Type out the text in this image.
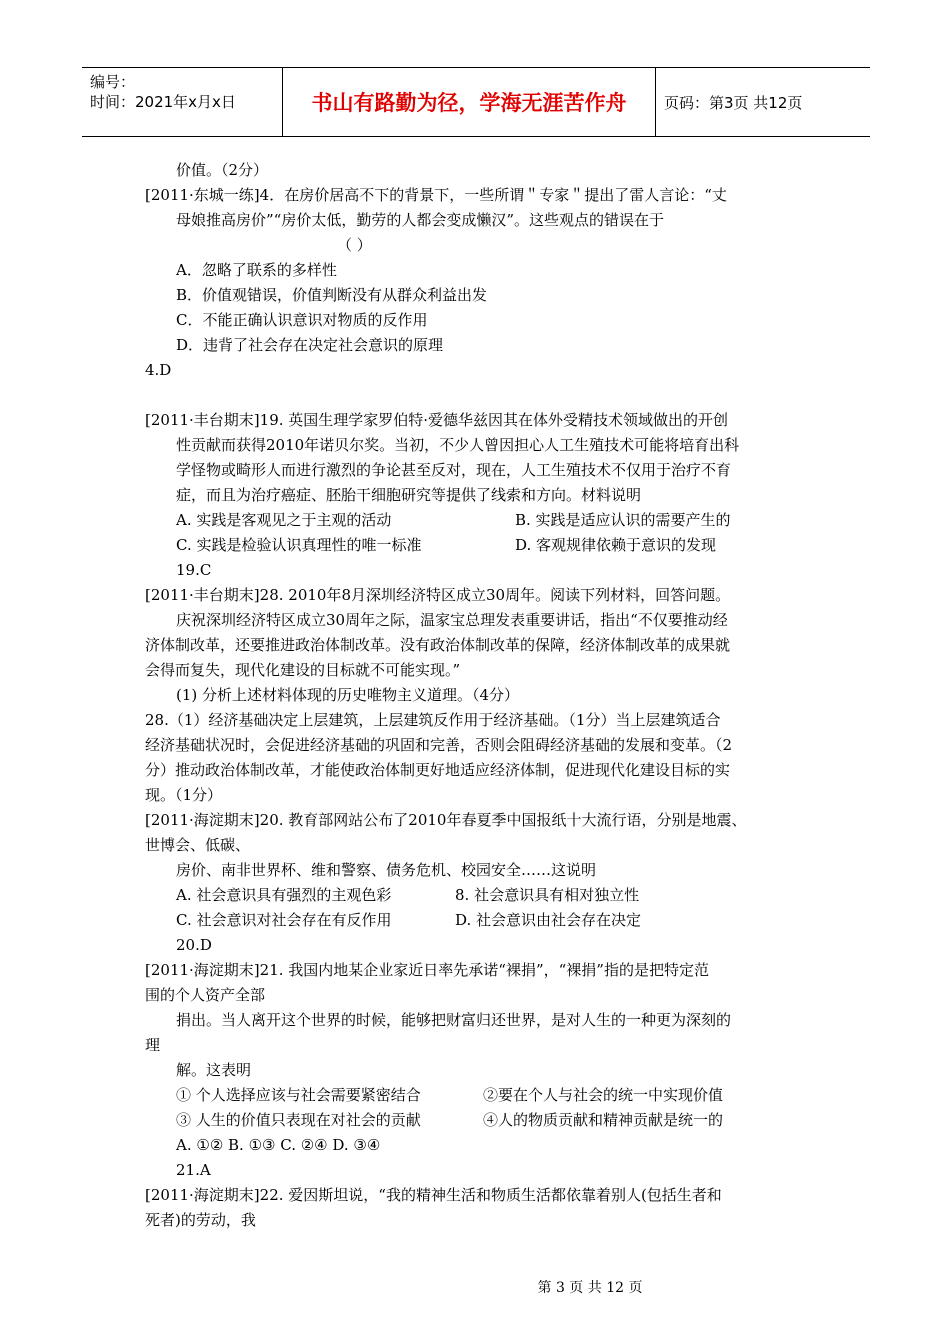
编号：
时间：2021年x月x日	书山有路勤为径，学海无涯苦作舟	页码：第3页 共12页
价值。（2分）
[2011·东城一练]4．在房价居高不下的背景下，一些所谓＂专家＂提出了雷人言论：“丈
母娘推高房价”“房价太低，勤劳的人都会变成懒汉”。这些观点的错误在于
（ ）
A．忽略了联系的多样性
B．价值观错误，价值判断没有从群众利益出发
C．不能正确认识意识对物质的反作用
D．违背了社会存在决定社会意识的原理
4.D
[2011·丰台期末]19. 英国生理学家罗伯特·爱德华兹因其在体外受精技术领域做出的开创
性贡献而获得2010年诺贝尔奖。当初，不少人曾因担心人工生殖技术可能将培育出科
学怪物或畸形人而进行激烈的争论甚至反对，现在，人工生殖技术不仅用于治疗不育
症，而且为治疗癌症、胚胎干细胞研究等提供了线索和方向。材料说明
A. 实践是客观见之于主观的活动	B. 实践是适应认识的需要产生的
C. 实践是检验认识真理性的唯一标准	D. 客观规律依赖于意识的发现
19.C
[2011·丰台期末]28. 2010年8月深圳经济特区成立30周年。阅读下列材料，回答问题。
庆祝深圳经济特区成立30周年之际，温家宝总理发表重要讲话，指出“不仅要推动经
济体制改革，还要推进政治体制改革。没有政治体制改革的保障，经济体制改革的成果就
会得而复失，现代化建设的目标就不可能实现。”
(1) 分析上述材料体现的历史唯物主义道理。（4分）
28.（1）经济基础决定上层建筑，上层建筑反作用于经济基础。（1分）当上层建筑适合
经济基础状况时，会促进经济基础的巩固和完善，否则会阻碍经济基础的发展和变革。（2
分）推动政治体制改革，才能使政治体制更好地适应经济体制，促进现代化建设目标的实
现。（1分）
[2011·海淀期末]20. 教育部网站公布了2010年春夏季中国报纸十大流行语，分别是地震、
世博会、低碳、
房价、南非世界杯、维和警察、债务危机、校园安全……这说明
A. 社会意识具有强烈的主观色彩	8. 社会意识具有相对独立性
C. 社会意识对社会存在有反作用	D. 社会意识由社会存在决定
20.D
[2011·海淀期末]21. 我国内地某企业家近日率先承诺“裸捐”，“裸捐”指的是把特定范
围的个人资产全部
捐出。当人离开这个世界的时候，能够把财富归还世界，是对人生的一种更为深刻的
理
解。这表明
① 个人选择应该与社会需要紧密结合	②要在个人与社会的统一中实现价值
③ 人生的价值只表现在对社会的贡献	④人的物质贡献和精神贡献是统一的
A. ①② B. ①③ C. ②④ D. ③④
21.A
[2011·海淀期末]22. 爱因斯坦说，“我的精神生活和物质生活都依靠着别人(包括生者和
死者)的劳动，我
第 3 页 共 12 页
